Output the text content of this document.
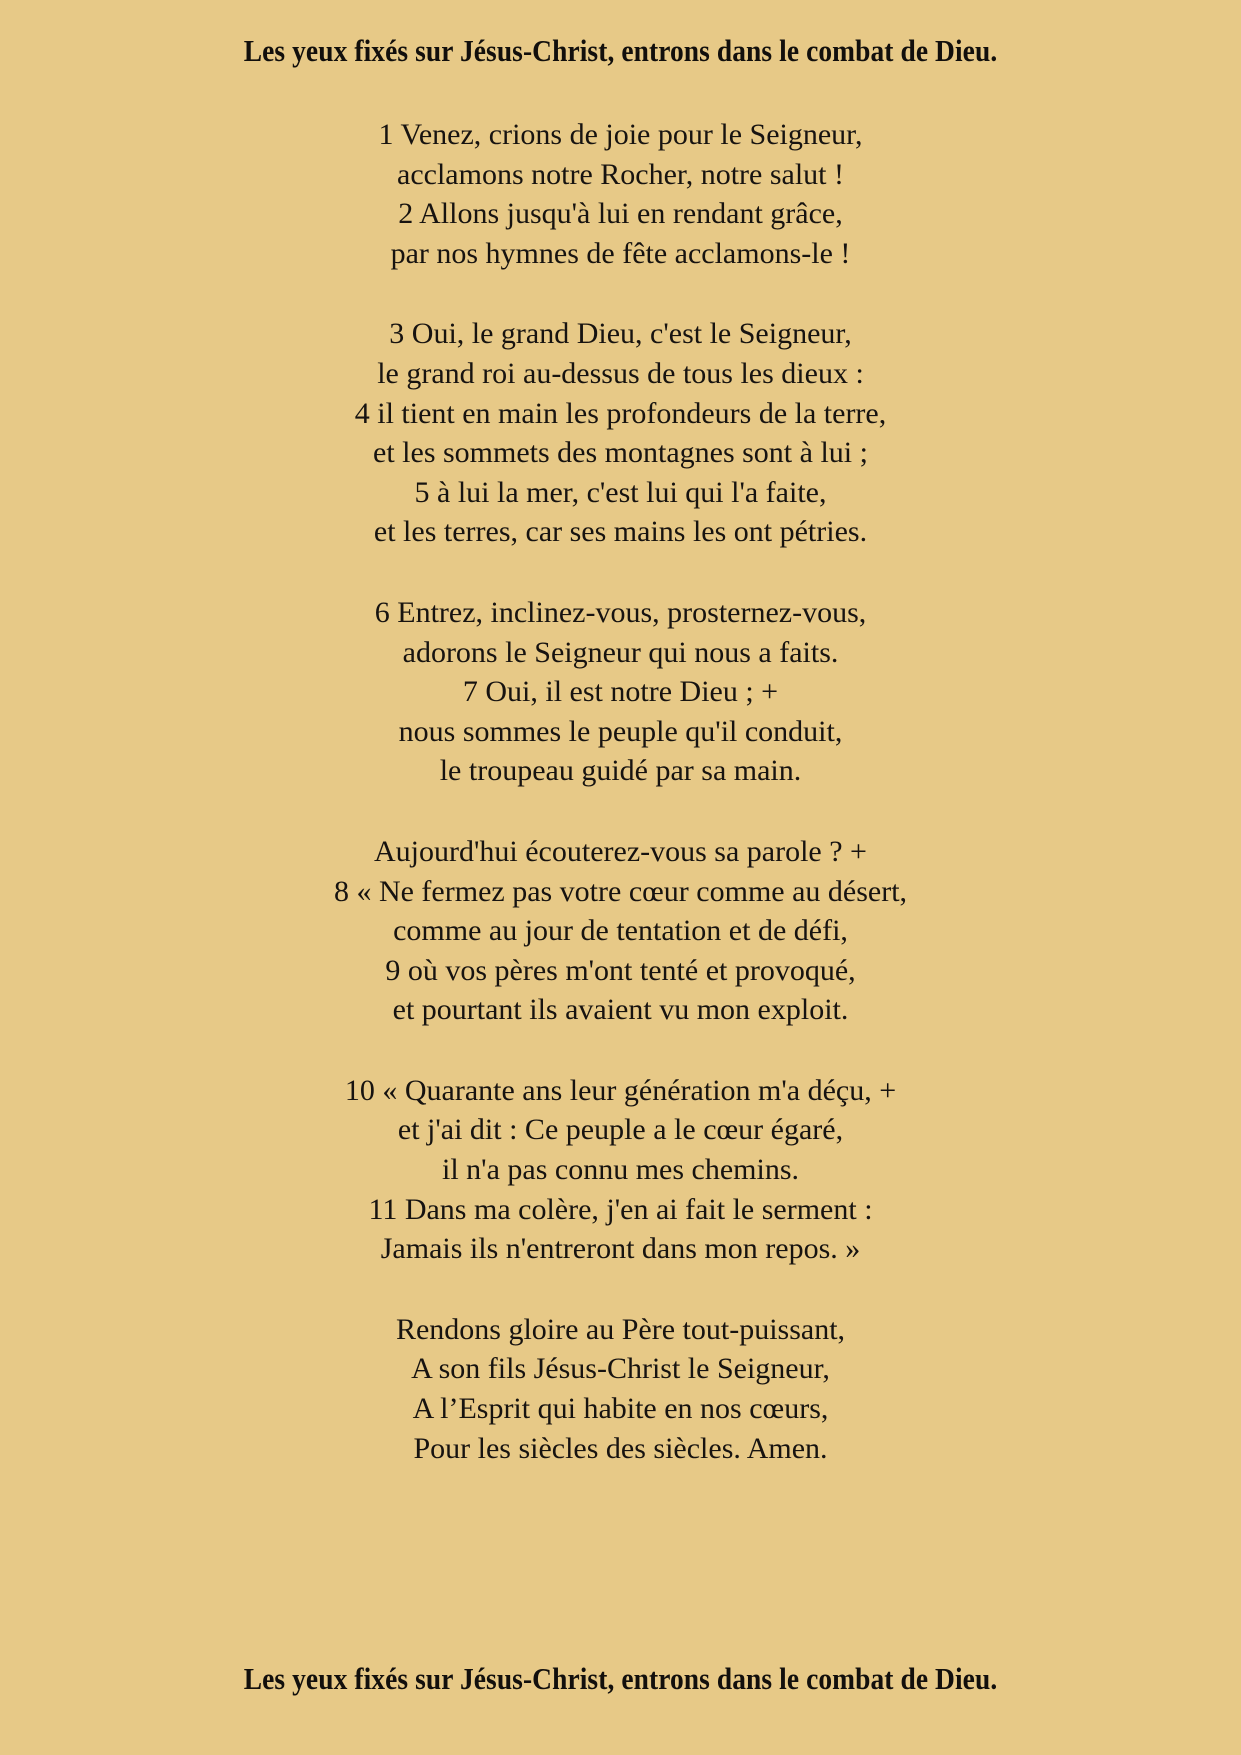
Les yeux fixés sur Jésus-Christ, entrons dans le combat de Dieu.
1 Venez, crions de joie pour le Seigneur,
acclamons notre Rocher, notre salut !
2 Allons jusqu'à lui en rendant grâce,
par nos hymnes de fête acclamons-le !
3 Oui, le grand Dieu, c'est le Seigneur,
le grand roi au-dessus de tous les dieux :
4 il tient en main les profondeurs de la terre,
et les sommets des montagnes sont à lui ;
5 à lui la mer, c'est lui qui l'a faite,
et les terres, car ses mains les ont pétries.
6 Entrez, inclinez-vous, prosternez-vous,
adorons le Seigneur qui nous a faits.
7 Oui, il est notre Dieu ; +
nous sommes le peuple qu'il conduit,
le troupeau guidé par sa main.
Aujourd'hui écouterez-vous sa parole ? +
8 « Ne fermez pas votre cœur comme au désert,
comme au jour de tentation et de défi,
9 où vos pères m'ont tenté et provoqué,
et pourtant ils avaient vu mon exploit.
10 « Quarante ans leur génération m'a déçu, +
et j'ai dit : Ce peuple a le cœur égaré,
il n'a pas connu mes chemins.
11 Dans ma colère, j'en ai fait le serment :
Jamais ils n'entreront dans mon repos. »
Rendons gloire au Père tout-puissant,
A son fils Jésus-Christ le Seigneur,
A l’Esprit qui habite en nos cœurs,
Pour les siècles des siècles. Amen.
Les yeux fixés sur Jésus-Christ, entrons dans le combat de Dieu.
